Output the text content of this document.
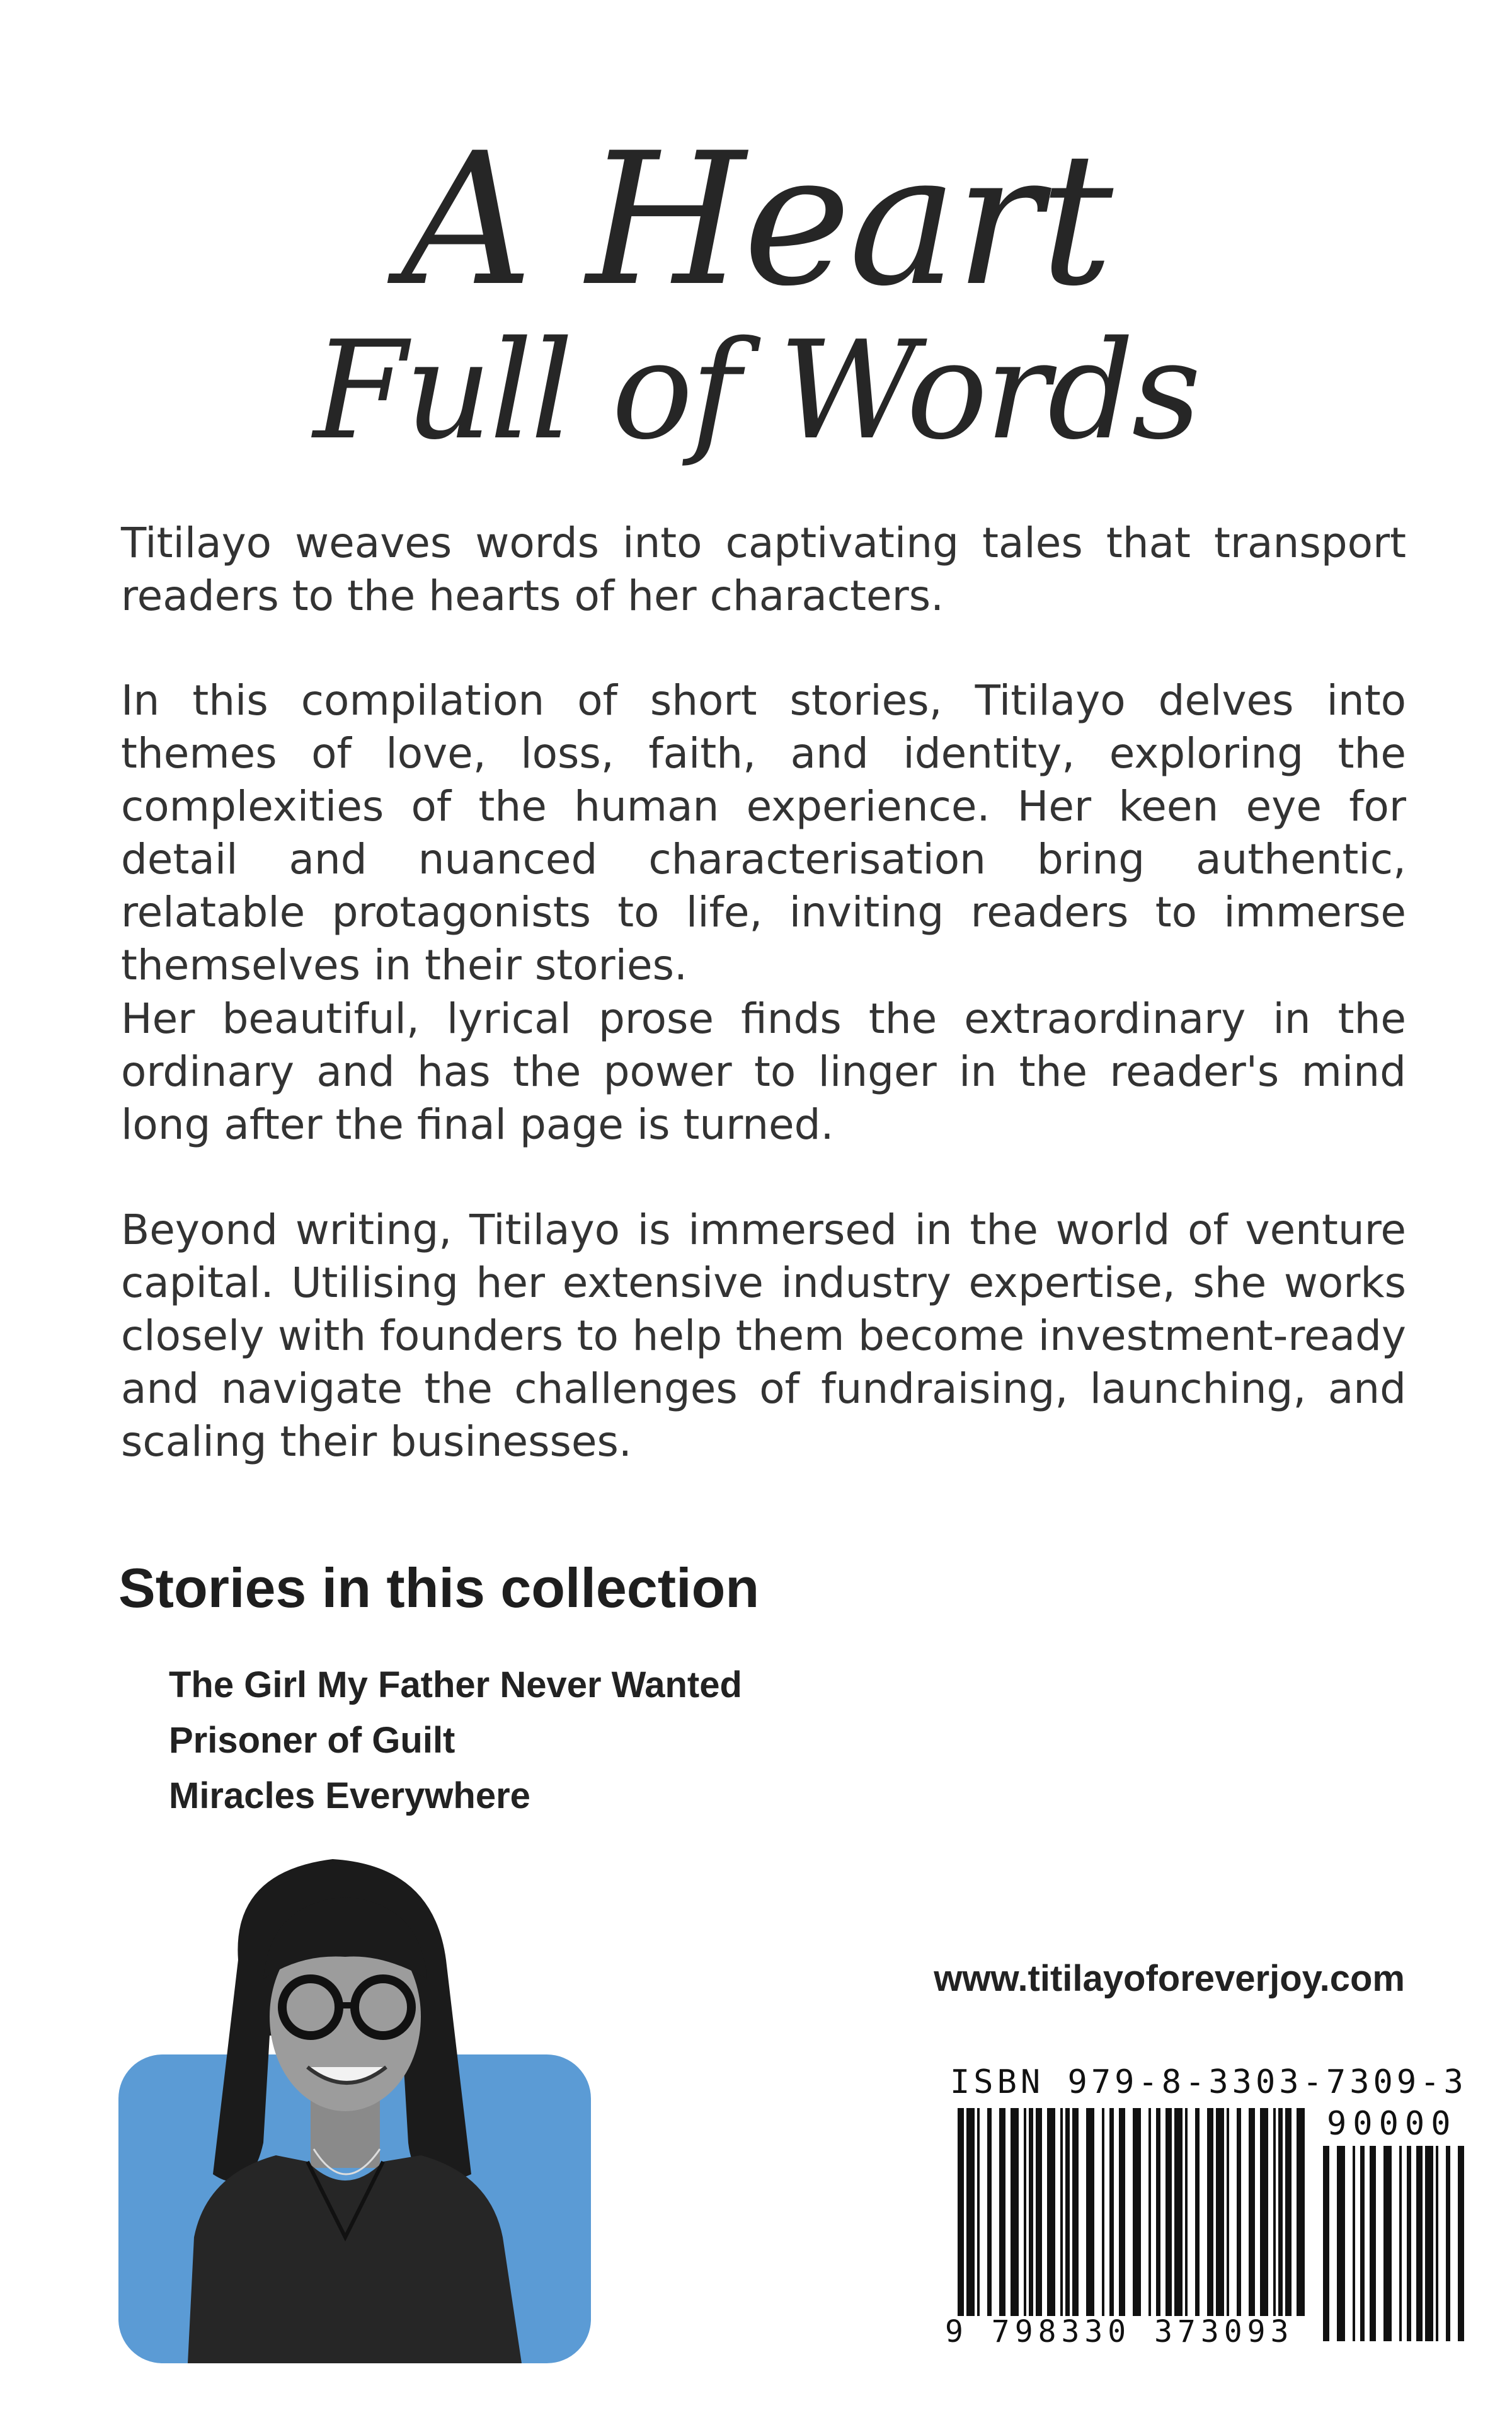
A Heart
Full of Words

Titilayo weaves words into captivating tales that transport readers to the hearts of her characters.

In this compilation of short stories, Titilayo delves into themes of love, loss, faith, and identity, exploring the complexities of the human experience. Her keen eye for detail and nuanced characterisation bring authentic, relatable protagonists to life, inviting readers to immerse themselves in their stories.

Her beautiful, lyrical prose finds the extraordinary in the ordinary and has the power to linger in the reader's mind long after the final page is turned.

Beyond writing, Titilayo is immersed in the world of venture capital. Utilising her extensive industry expertise, she works closely with founders to help them become investment-ready and navigate the challenges of fundraising, launching, and scaling their businesses.

Stories in this collection
The Girl My Father Never Wanted
Prisoner of Guilt
Miracles Everywhere

www.titilayoforeverjoy.com

ISBN 979-8-3303-7309-3

90000

9 798330 373093
